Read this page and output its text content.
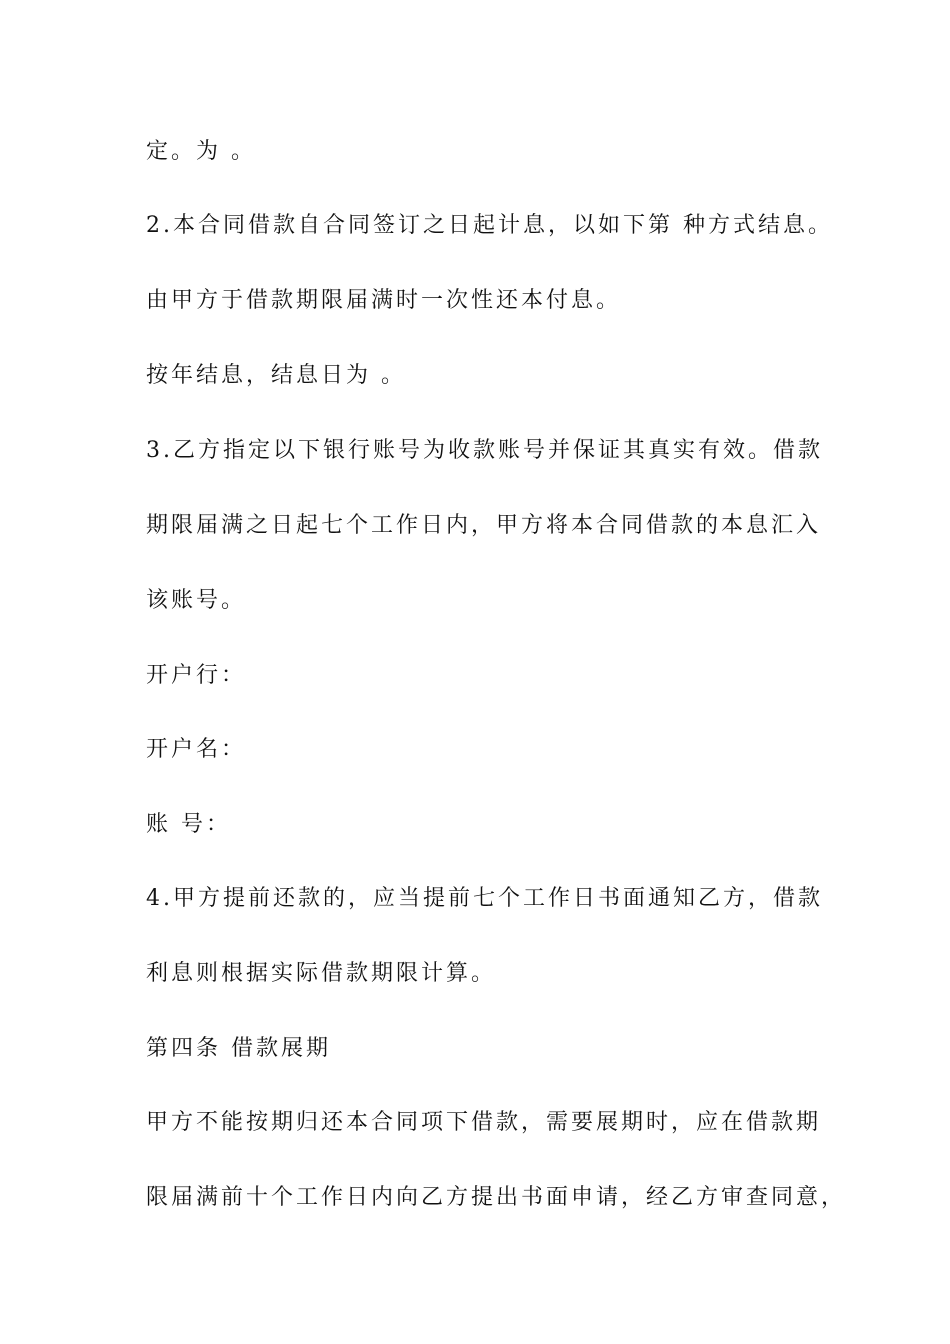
定。为 。

2.本合同借款自合同签订之日起计息，以如下第 种方式结息。

由甲方于借款期限届满时一次性还本付息。

按年结息，结息日为 。

3.乙方指定以下银行账号为收款账号并保证其真实有效。借款

期限届满之日起七个工作日内，甲方将本合同借款的本息汇入

该账号。

开户行：

开户名：

账 号：

4.甲方提前还款的，应当提前七个工作日书面通知乙方，借款

利息则根据实际借款期限计算。

第四条 借款展期

甲方不能按期归还本合同项下借款，需要展期时，应在借款期

限届满前十个工作日内向乙方提出书面申请，经乙方审查同意，
